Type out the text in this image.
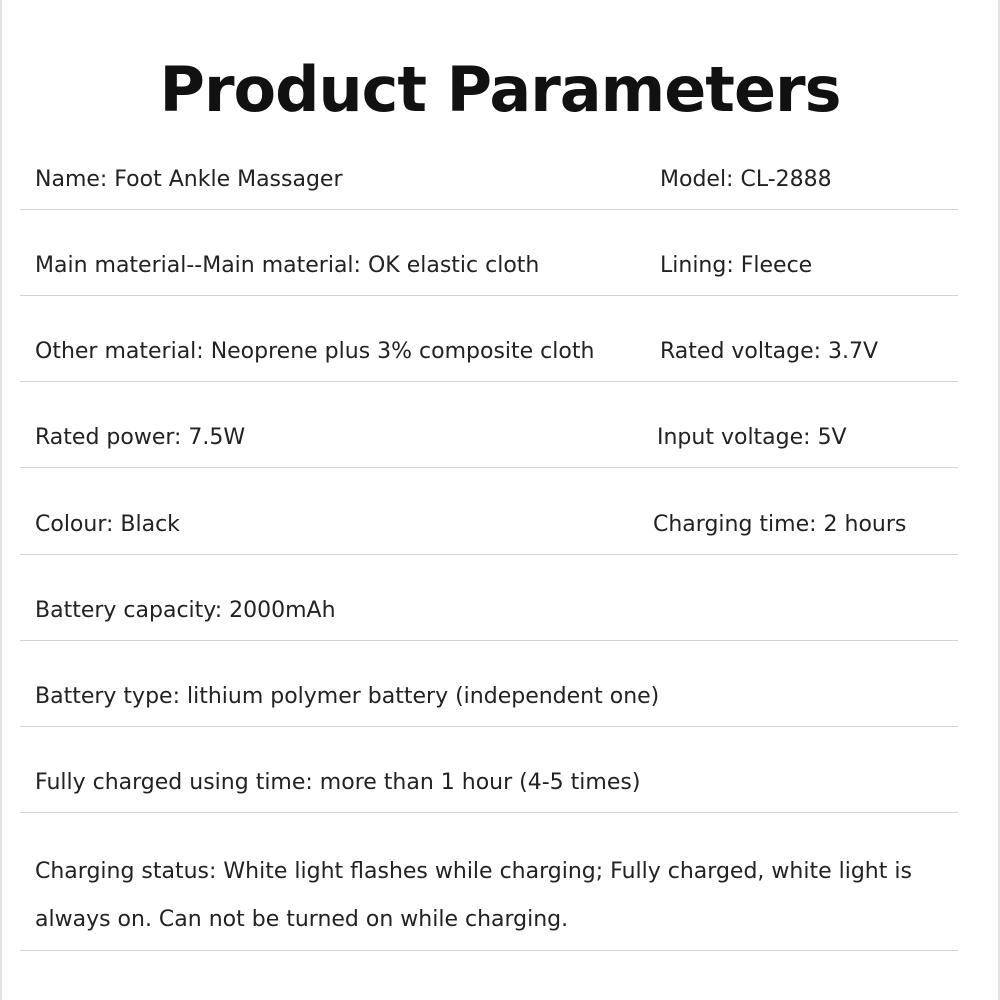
Product Parameters
Name: Foot Ankle Massager	Model: CL-2888
Main material--Main material: OK elastic cloth	Lining: Fleece
Other material: Neoprene plus 3% composite cloth	Rated voltage: 3.7V
Rated power: 7.5W	Input voltage: 5V
Colour: Black	Charging time: 2 hours
Battery capacity: 2000mAh
Battery type: lithium polymer battery (independent one)
Fully charged using time: more than 1 hour (4-5 times)
Charging status: White light flashes while charging; Fully charged, white light is always on. Can not be turned on while charging.
